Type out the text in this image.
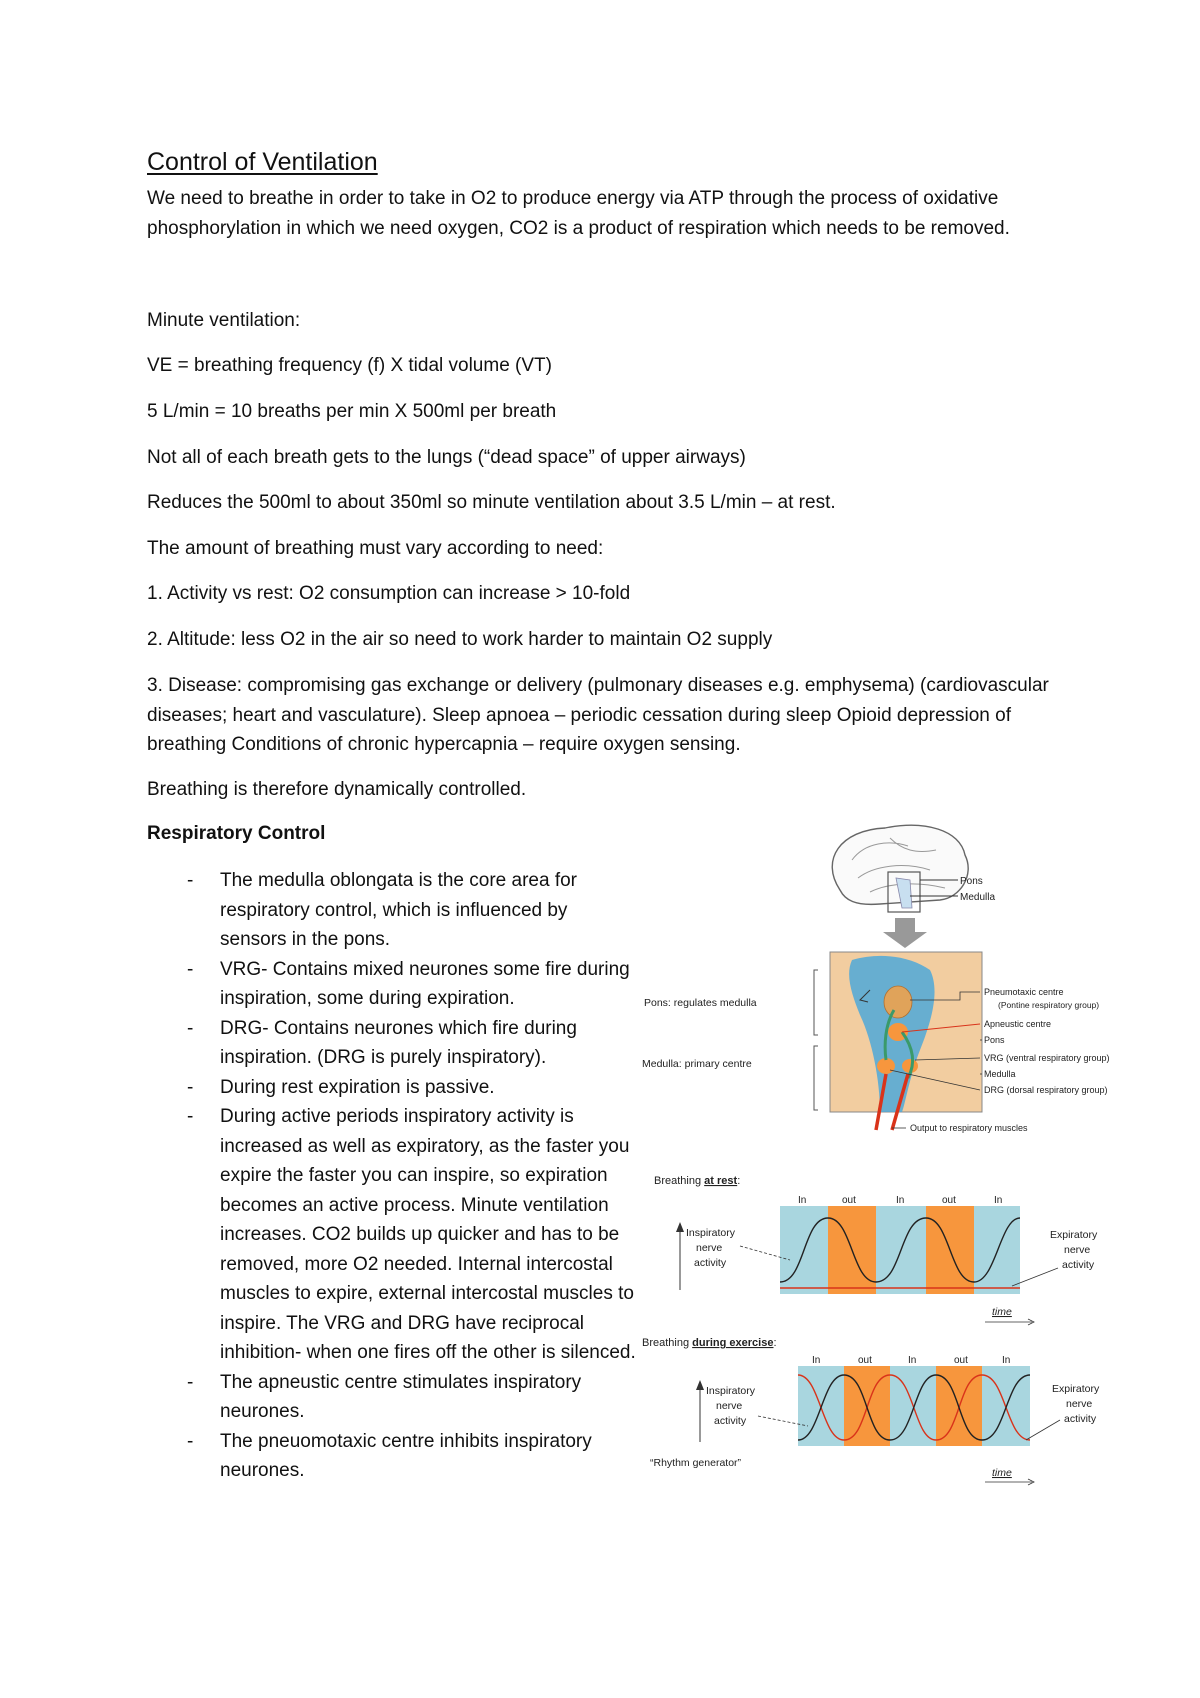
Control of Ventilation

We need to breathe in order to take in O2 to produce energy via ATP through the process of oxidative phosphorylation in which we need oxygen, CO2 is a product of respiration which needs to be removed.

Minute ventilation:

VE = breathing frequency (f) X tidal volume (VT)

5 L/min = 10 breaths per min X 500ml per breath

Not all of each breath gets to the lungs (“dead space” of upper airways)

Reduces the 500ml to about 350ml so minute ventilation about 3.5 L/min – at rest.

The amount of breathing must vary according to need:

1. Activity vs rest: O2 consumption can increase > 10-fold

2. Altitude: less O2 in the air so need to work harder to maintain O2 supply

3. Disease: compromising gas exchange or delivery (pulmonary diseases e.g. emphysema) (cardiovascular diseases; heart and vasculature). Sleep apnoea – periodic cessation during sleep Opioid depression of breathing Conditions of chronic hypercapnia – require oxygen sensing.

Breathing is therefore dynamically controlled.

Respiratory Control
- The medulla oblongata is the core area for respiratory control, which is influenced by sensors in the pons.
- VRG- Contains mixed neurones some fire during inspiration, some during expiration.
- DRG- Contains neurones which fire during inspiration. (DRG is purely inspiratory).
- During rest expiration is passive.
- During active periods inspiratory activity is increased as well as expiratory, as the faster you expire the faster you can inspire, so expiration becomes an active process. Minute ventilation increases. CO2 builds up quicker and has to be removed, more O2 needed. Internal intercostal muscles to expire, external intercostal muscles to inspire. The VRG and DRG have reciprocal inhibition- when one fires off the other is silenced.
- The apneustic centre stimulates inspiratory neurones.
- The pneuomotaxic centre inhibits inspiratory neurones.
Pons
Medulla
Pons: regulates medulla
Medulla: primary centre
Pneumotaxic centre
(Pontine respiratory group)
Apneustic centre
Pons
VRG (ventral respiratory group)
Medulla
DRG (dorsal respiratory group)
Output to respiratory muscles
Breathing at rest:
In	out	In	out	In
Inspiratory
nerve
activity
Expiratory
nerve
activity
time
Breathing during exercise:
In	out	In	out	In
Inspiratory
nerve
activity
Expiratory
nerve
activity
“Rhythm generator”
time
